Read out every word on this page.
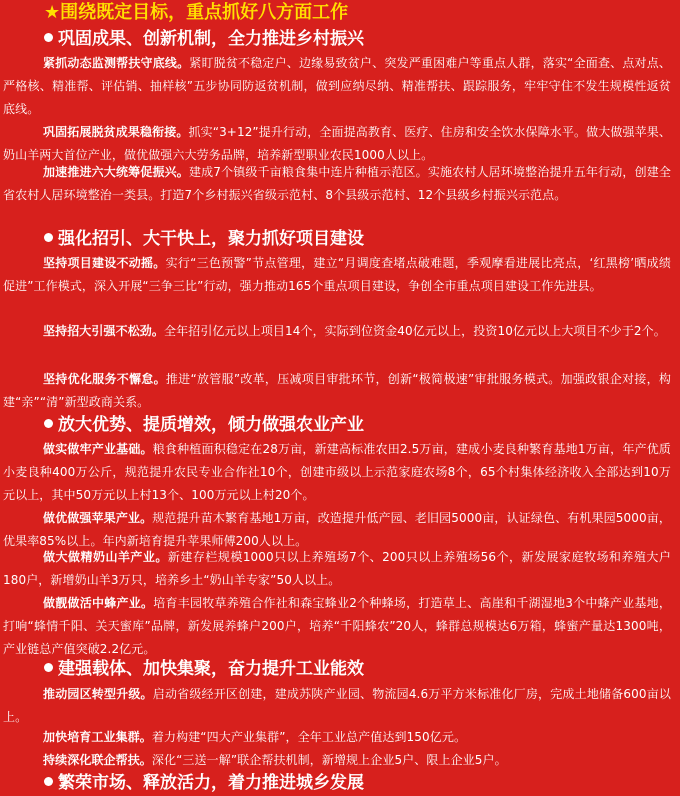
★围绕既定目标，重点抓好八方面工作
巩固成果、创新机制，全力推进乡村振兴
紧抓动态监测帮扶守底线。紧盯脱贫不稳定户、边缘易致贫户、突发严重困难户等重点人群，落实“全面查、点对点、严格核、精准帮、评估销、抽样核”五步协同防返贫机制，做到应纳尽纳、精准帮扶、跟踪服务，牢牢守住不发生规模性返贫底线。
巩固拓展脱贫成果稳衔接。抓实“3+12”提升行动，全面提高教育、医疗、住房和安全饮水保障水平。做大做强苹果、奶山羊两大首位产业，做优做强六大劳务品牌，培养新型职业农民1000人以上。
加速推进六大统筹促振兴。建成7个镇级千亩粮食集中连片种植示范区。实施农村人居环境整治提升五年行动，创建全省农村人居环境整治一类县。打造7个乡村振兴省级示范村、8个县级示范村、12个县级乡村振兴示范点。
强化招引、大干快上，聚力抓好项目建设
坚持项目建设不动摇。实行“三色预警”节点管理，建立“月调度查堵点破难题，季观摩看进展比亮点，‘红黑榜’晒成绩促进”工作模式，深入开展“三争三比”行动，强力推动165个重点项目建设，争创全市重点项目建设工作先进县。
坚持招大引强不松劲。全年招引亿元以上项目14个，实际到位资金40亿元以上，投资10亿元以上大项目不少于2个。
坚持优化服务不懈怠。推进“放管服”改革，压减项目审批环节，创新“极简极速”审批服务模式。加强政银企对接，构建“亲”“清”新型政商关系。
放大优势、提质增效，倾力做强农业产业
做实做牢产业基础。粮食种植面积稳定在28万亩，新建高标准农田2.5万亩，建成小麦良种繁育基地1万亩，年产优质小麦良种400万公斤，规范提升农民专业合作社10个，创建市级以上示范家庭农场8个，65个村集体经济收入全部达到10万元以上，其中50万元以上村13个、100万元以上村20个。
做优做强苹果产业。规范提升苗木繁育基地1万亩，改造提升低产园、老旧园5000亩，认证绿色、有机果园5000亩，优果率85%以上。年内新培育提升苹果师傅200人以上。
做大做精奶山羊产业。新建存栏规模1000只以上养殖场7个、200只以上养殖场56个，新发展家庭牧场和养殖大户180户，新增奶山羊3万只，培养乡土“奶山羊专家”50人以上。
做靓做活中蜂产业。培育丰园牧草养殖合作社和森宝蜂业2个种蜂场，打造草上、高崖和千湖湿地3个中蜂产业基地，打响“蜂情千阳、关天蜜库”品牌，新发展养蜂户200户，培养“千阳蜂农”20人，蜂群总规模达6万箱，蜂蜜产量达1300吨，产业链总产值突破2.2亿元。
建强载体、加快集聚，奋力提升工业能效
推动园区转型升级。启动省级经开区创建，建成苏陕产业园、物流园4.6万平方米标准化厂房，完成土地储备600亩以上。
加快培育工业集群。着力构建“四大产业集群”，全年工业总产值达到150亿元。
持续深化联企帮扶。深化“三送一解”联企帮扶机制，新增规上企业5户、限上企业5户。
繁荣市场、释放活力，着力推进城乡发展
